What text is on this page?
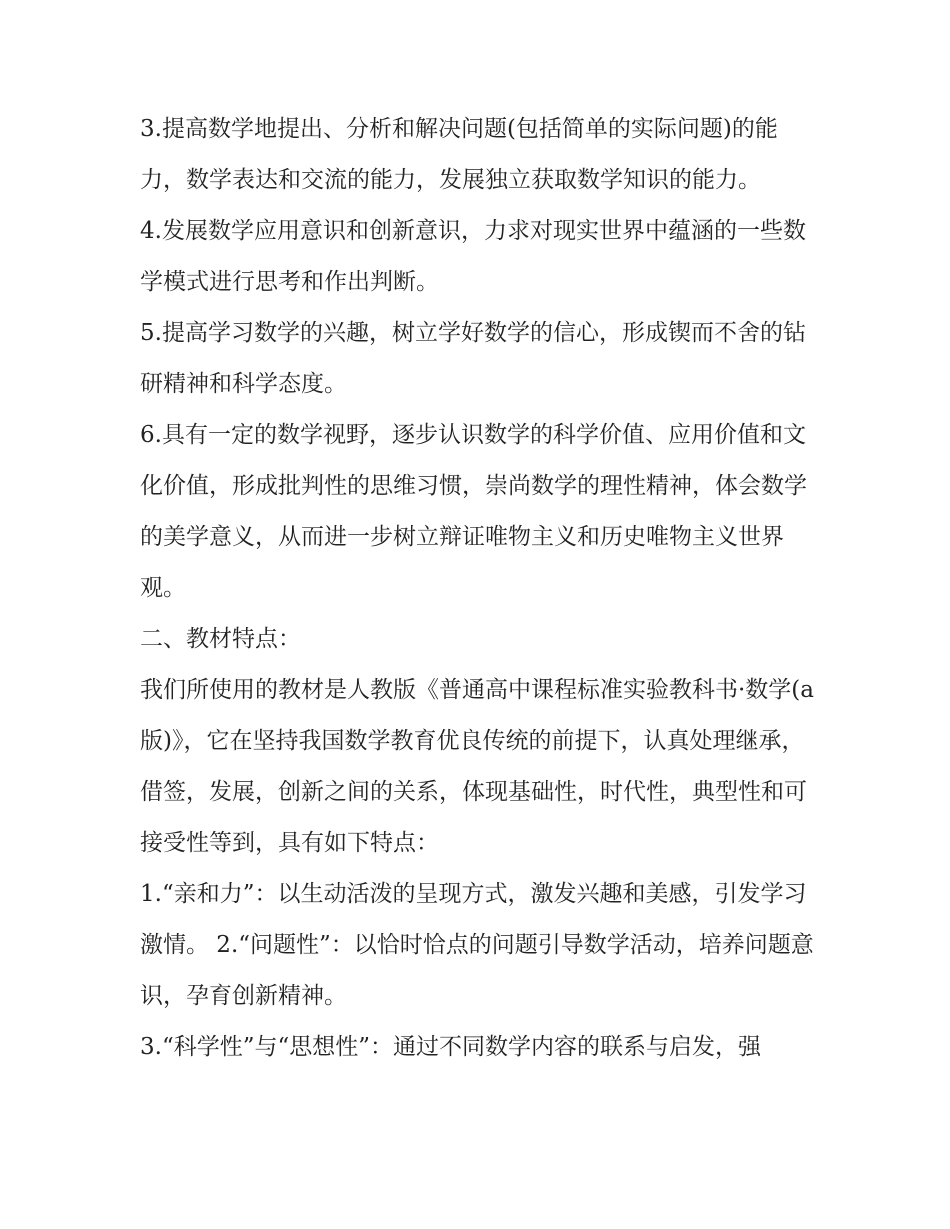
3.提高数学地提出、分析和解决问题(包括简单的实际问题)的能力，数学表达和交流的能力，发展独立获取数学知识的能力。

4.发展数学应用意识和创新意识，力求对现实世界中蕴涵的一些数学模式进行思考和作出判断。

5.提高学习数学的兴趣，树立学好数学的信心，形成锲而不舍的钻研精神和科学态度。

6.具有一定的数学视野，逐步认识数学的科学价值、应用价值和文化价值，形成批判性的思维习惯，崇尚数学的理性精神，体会数学的美学意义，从而进一步树立辩证唯物主义和历史唯物主义世界观。

二、教材特点：

我们所使用的教材是人教版《普通高中课程标准实验教科书·数学(a版)》，它在坚持我国数学教育优良传统的前提下，认真处理继承，借签，发展，创新之间的关系，体现基础性，时代性，典型性和可接受性等到，具有如下特点：

1.“亲和力”：以生动活泼的呈现方式，激发兴趣和美感，引发学习激情。 2.“问题性”：以恰时恰点的问题引导数学活动，培养问题意识，孕育创新精神。

3.“科学性”与“思想性”：通过不同数学内容的联系与启发，强
